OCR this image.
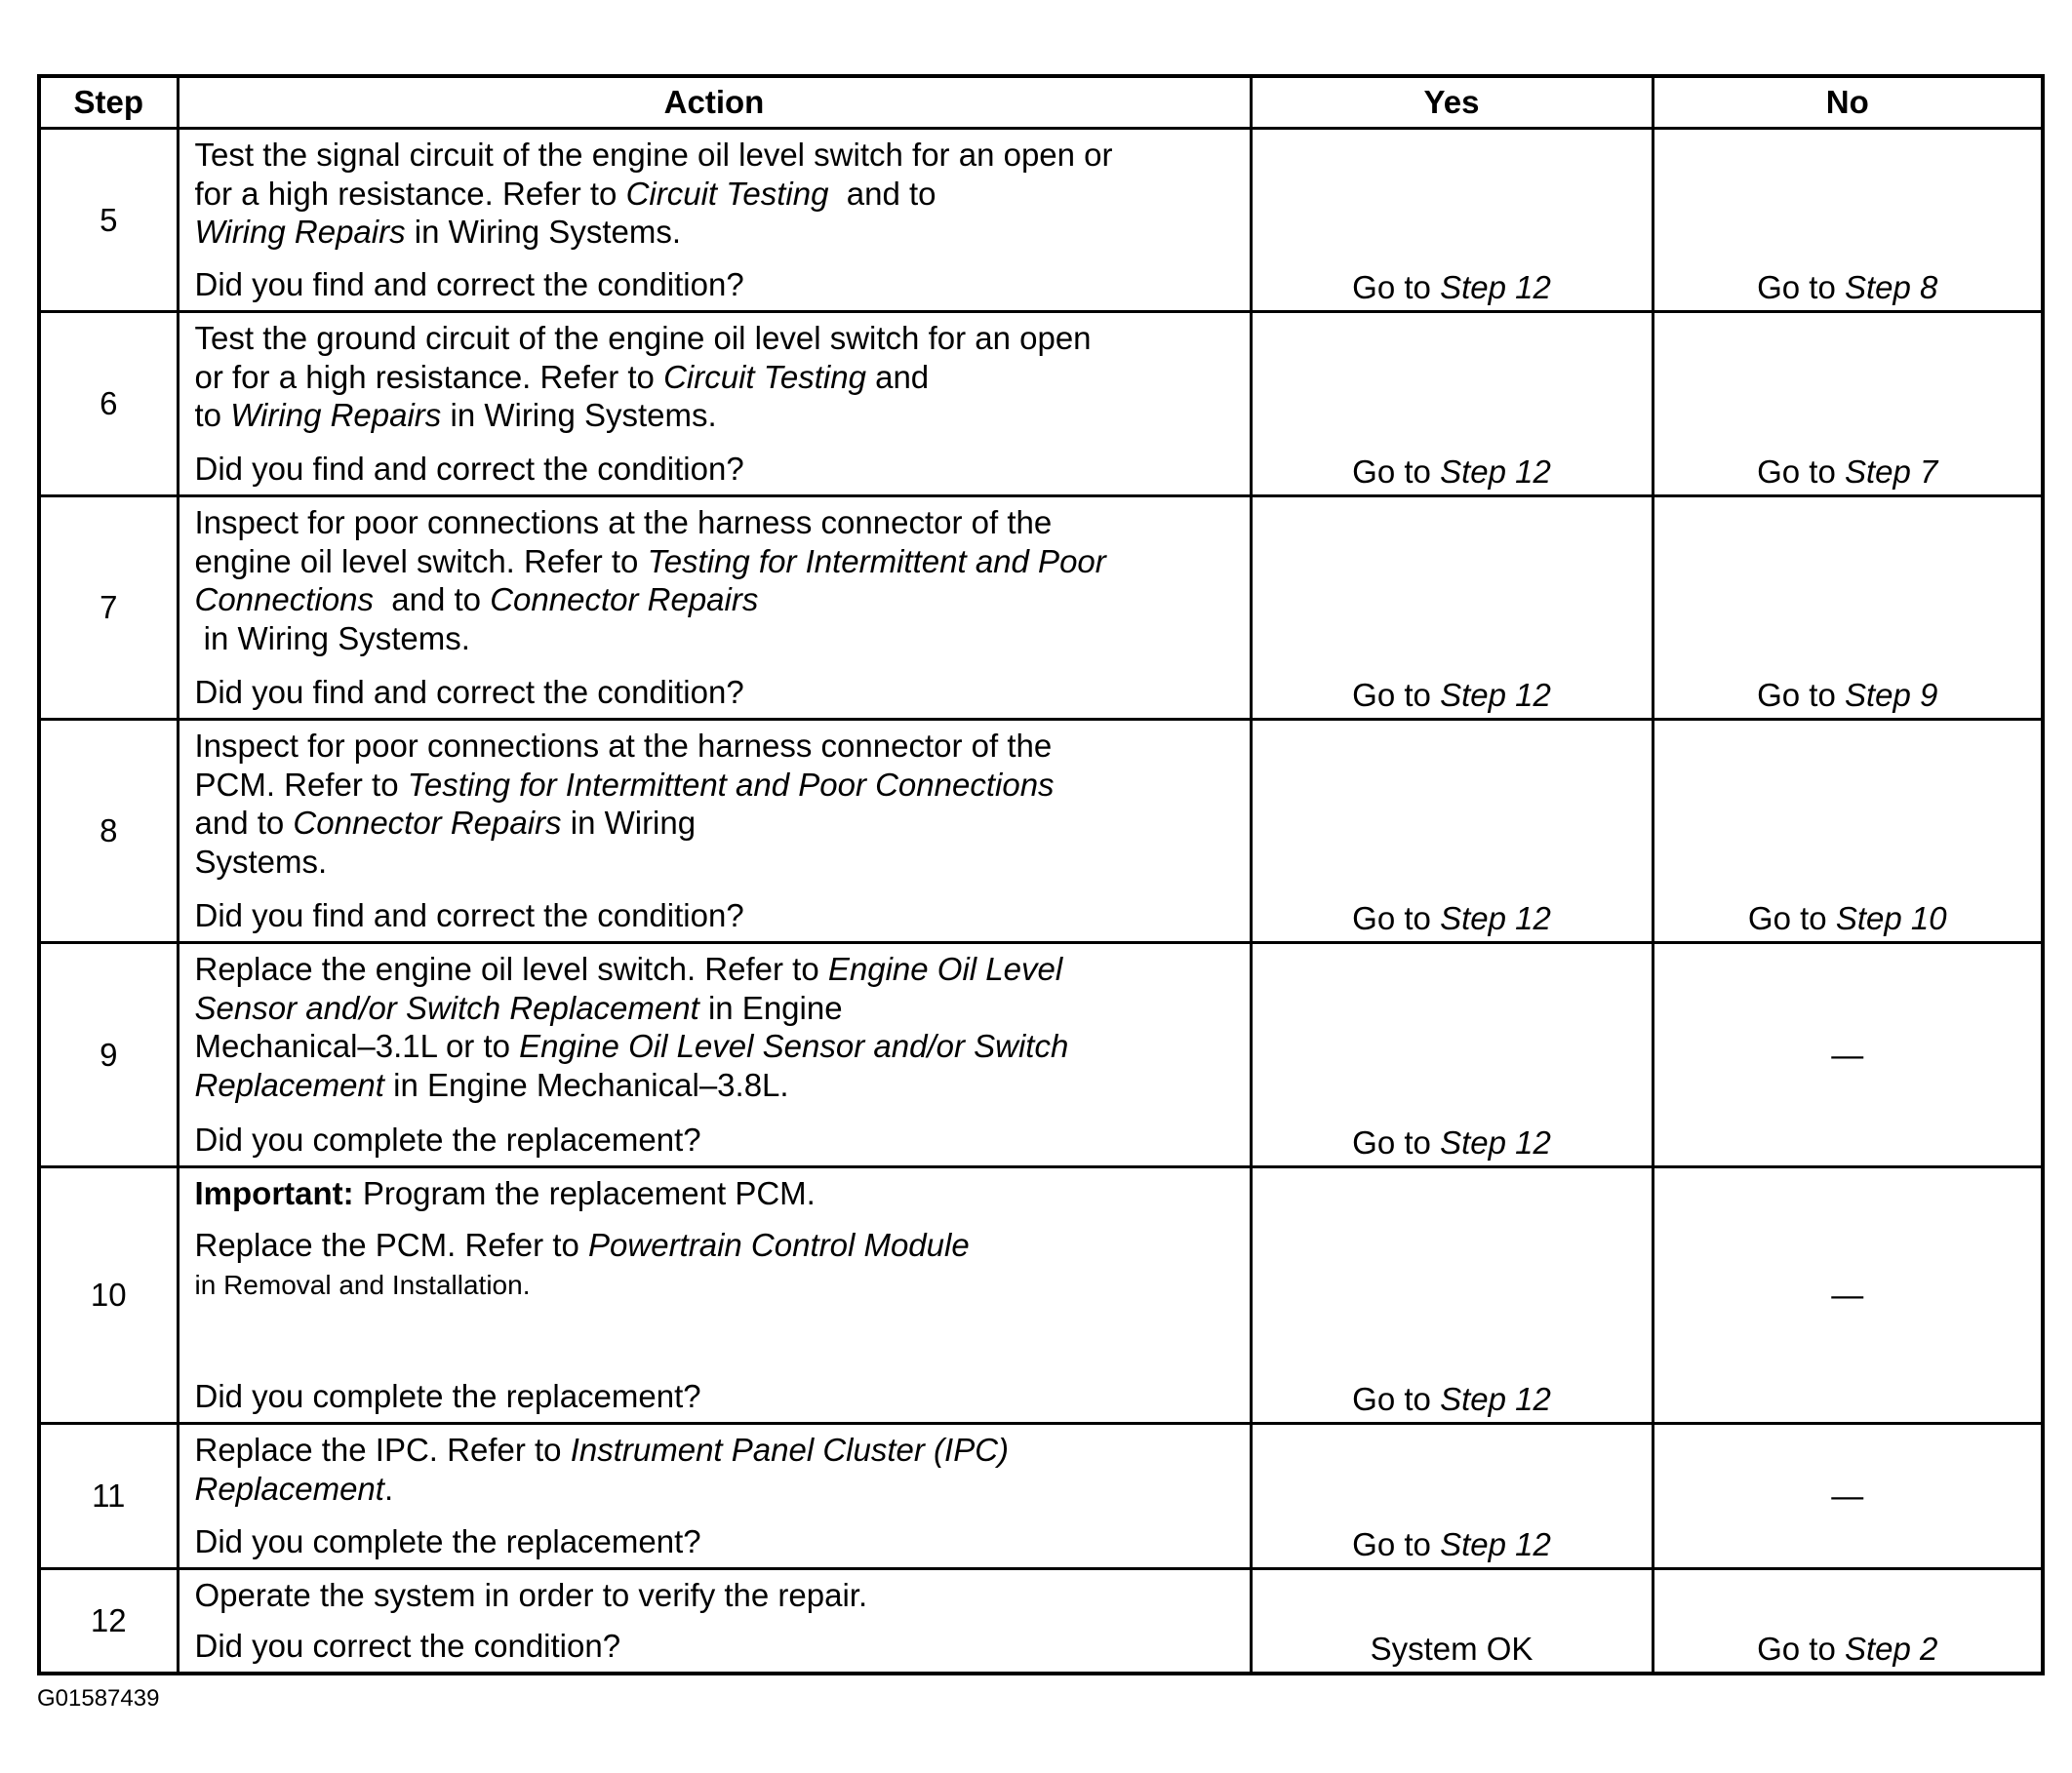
Step	Action	Yes	No
5	Test the signal circuit of the engine oil level switch for an open or
for a high resistance. Refer to Circuit Testing  and to
Wiring Repairs in Wiring Systems.
Did you find and correct the condition?	Go to Step 12	Go to Step 8

6	Test the ground circuit of the engine oil level switch for an open
or for a high resistance. Refer to Circuit Testing and
to Wiring Repairs in Wiring Systems.
Did you find and correct the condition?	Go to Step 12	Go to Step 7

7	Inspect for poor connections at the harness connector of the
engine oil level switch. Refer to Testing for Intermittent and Poor
Connections  and to Connector Repairs
in Wiring Systems.
Did you find and correct the condition?	Go to Step 12	Go to Step 9

8	Inspect for poor connections at the harness connector of the
PCM. Refer to Testing for Intermittent and Poor Connections
and to Connector Repairs in Wiring
Systems.
Did you find and correct the condition?	Go to Step 12	Go to Step 10

9	Replace the engine oil level switch. Refer to Engine Oil Level
Sensor and/or Switch Replacement in Engine
Mechanical–3.1L or to Engine Oil Level Sensor and/or Switch
Replacement in Engine Mechanical–3.8L.
Did you complete the replacement?	Go to Step 12	—

10	Important: Program the replacement PCM.
Replace the PCM. Refer to Powertrain Control Module
in Removal and Installation.
Did you complete the replacement?	Go to Step 12	—

11	Replace the IPC. Refer to Instrument Panel Cluster (IPC)
Replacement.
Did you complete the replacement?	Go to Step 12	—

12	Operate the system in order to verify the repair.
Did you correct the condition?	System OK	Go to Step 2
G01587439
